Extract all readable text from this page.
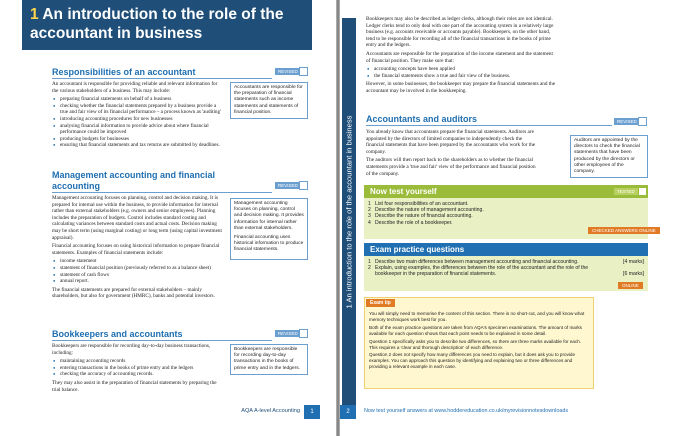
1 An introduction to the role of the accountant in business
Responsibilities of an accountant	REVISED

An accountant is responsible for providing reliable and relevant information for the various stakeholders of a business. This may include:

● preparing financial statements on behalf of a business
● checking whether the financial statements prepared by a business provide a true and fair view of its financial performance – a process known as 'auditing'
● introducing accounting procedures for new businesses
● analysing financial information to provide advice about where financial performance could be improved
● producing budgets for businesses
● ensuring that financial statements and tax returns are submitted by deadlines.
Accountants are responsible for the preparation of financial statements such as income statements and statements of financial position.
Management accounting and financial accounting	REVISED

Management accounting focuses on planning, control and decision making. It is prepared for internal use within the business, to provide information for internal rather than external stakeholders (e.g. owners and senior employees). Planning includes the preparation of budgets. Control includes standard costing and calculating variances between standard costs and actual costs. Decision making may be short term (using marginal costing) or long term (using capital investment appraisal).

Financial accounting focuses on using historical information to prepare financial statements. Examples of financial statements include:

● income statement
● statement of financial position (previously referred to as a balance sheet)
● statement of cash flows
● annual report.

The financial statements are prepared for external stakeholders – mainly shareholders, but also for government (HMRC), banks and potential investors.

Management accounting focuses on planning, control and decision making. It provides information for internal rather than external stakeholders.

Financial accounting uses historical information to produce financial statements.

Bookkeepers and accountants	REVISED

Bookkeepers are responsible for recording day-to-day business transactions, including:

● maintaining accounting records
● entering transactions in the books of prime entry and the ledgers
● checking the accuracy of accounting records.

They may also assist in the preparation of financial statements by preparing the trial balance.

Bookkeepers are responsible for recording day-to-day transactions in the books of prime entry and in the ledgers.
AQA A-level Accounting	1
1 An introduction to the role of the accountant in business

Bookkeepers may also be described as ledger clerks, although their roles are not identical. Ledger clerks tend to only deal with one part of the accounting system in a relatively large business (e.g. accounts receivable or accounts payable). Bookkeepers, on the other hand, tend to be responsible for recording all of the financial transactions in the books of prime entry and the ledgers.

Accountants are responsible for the preparation of the income statement and the statement of financial position. They make sure that:

● accounting concepts have been applied
● the financial statements show a true and fair view of the business.

However, in some businesses, the bookkeeper may prepare the financial statements and the accountant may be involved in the bookkeeping.

Accountants and auditors	REVISED

You already know that accountants prepare the financial statements. Auditors are appointed by the directors of limited companies to independently check the financial statements that have been prepared by the accountants who work for the company.

The auditors will then report back to the shareholders as to whether the financial statements provide a 'true and fair' view of the performance and financial position of the company.

Auditors are appointed by the directors to check the financial statements that have been produced by the directors or other employees of the company.
Now test yourself	TESTED
1 List four responsibilities of an accountant.
2 Describe the nature of management accounting.
3 Describe the nature of financial accounting.
4 Describe the role of a bookkeeper.
CHECKED ANSWERS ONLINE
Exam practice questions
1 Describe two main differences between management accounting and financial accounting.	[4 marks]
2 Explain, using examples, the differences between the role of the accountant and the role of the bookkeeper in the preparation of financial statements.	[6 marks]
ONLINE
Exam tip

You will simply need to memorise the content of this section. There is no short-cut, and you will know what memory techniques work best for you.

Both of the exam practice questions are taken from AQA's specimen examinations. The amount of marks available for each question shows that each point needs to be explained in some detail.

Question 1 specifically asks you to describe two differences, so there are three marks available for each. This requires a 'clear and thorough description' of each difference.

Question 2 does not specify how many differences you need to explain, but it does ask you to provide examples. You can approach this question by identifying and explaining two or three differences and providing a relevant example in each case.

2	Now test yourself answers at www.hoddereducation.co.uk/myrevisionnotesdownloads
